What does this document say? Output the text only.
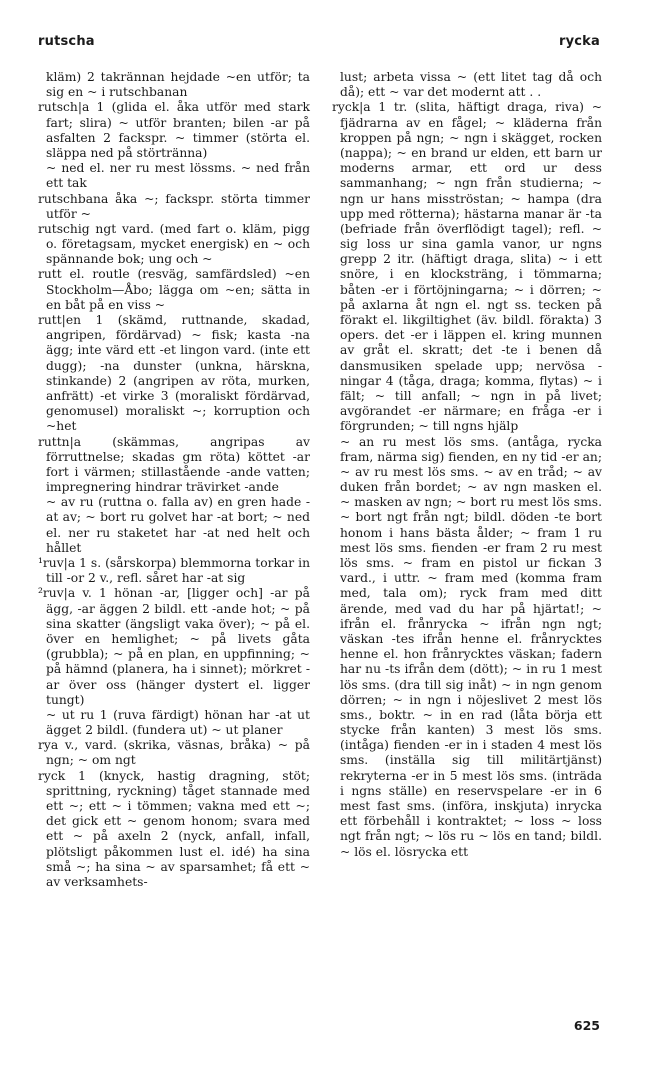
rutscha	rycka

kläm) 2 takrännan hejdade ~en utför; ta sig en ~ i rutschbanan

rutsch|a 1 (glida el. åka utför med stark fart; slira) ~ utför branten; bilen -ar på asfalten 2 fackspr. ~ timmer (störta el. släppa ned på störtränna)

~ ned el. ner ru mest lössms. ~ ned från ett tak

rutschbana åka ~; fackspr. störta timmer utför ~

rutschig ngt vard. (med fart o. kläm, pigg o. företagsam, mycket energisk) en ~ och spännande bok; ung och ~

rutt el. routle (resväg, samfärdsled) ~en Stockholm—Åbo; lägga om ~en; sätta in en båt på en viss ~

rutt|en 1 (skämd, ruttnande, skadad, angripen, fördärvad) ~ fisk; kasta -na ägg; inte värd ett -et lingon vard. (inte ett dugg); -na dunster (unkna, härskna, stinkande) 2 (angripen av röta, murken, anfrätt) -et virke 3 (moraliskt fördärvad, genomusel) moraliskt ~; korruption och ~het

ruttn|a (skämmas, angripas av förruttnelse; skadas gm röta) köttet -ar fort i värmen; stillastående -ande vatten; impregnering hindrar trävirket -ande

~ av ru (ruttna o. falla av) en gren hade -at av; ~ bort ru golvet har -at bort; ~ ned el. ner ru staketet har -at ned helt och hållet

¹ruv|a 1 s. (sårskorpa) blemmorna torkar in till -or 2 v., refl. såret har -at sig

²ruv|a v. 1 hönan -ar, [ligger och] -ar på ägg, -ar äggen 2 bildl. ett -ande hot; ~ på sina skatter (ängsligt vaka över); ~ på el. över en hemlighet; ~ på livets gåta (grubbla); ~ på en plan, en uppfinning; ~ på hämnd (planera, ha i sinnet); mörkret -ar över oss (hänger dystert el. ligger tungt)

~ ut ru 1 (ruva färdigt) hönan har -at ut ägget 2 bildl. (fundera ut) ~ ut planer

rya v., vard. (skrika, väsnas, bråka) ~ på ngn; ~ om ngt

ryck 1 (knyck, hastig dragning, stöt; sprittning, ryckning) tåget stannade med ett ~; ett ~ i tömmen; vakna med ett ~; det gick ett ~ genom honom; svara med ett ~ på axeln 2 (nyck, anfall, infall, plötsligt påkommen lust el. idé) ha sina små ~; ha sina ~ av sparsamhet; få ett ~ av verksamhets-

lust; arbeta vissa ~ (ett litet tag då och då); ett ~ var det modernt att . .

ryck|a 1 tr. (slita, häftigt draga, riva) ~ fjädrarna av en fågel; ~ kläderna från kroppen på ngn; ~ ngn i skägget, rocken (nappa); ~ en brand ur elden, ett barn ur moderns armar, ett ord ur dess sammanhang; ~ ngn från studierna; ~ ngn ur hans misströstan; ~ hampa (dra upp med rötterna); hästarna manar är -ta (befriade från överflödigt tagel); refl. ~ sig loss ur sina gamla vanor, ur ngns grepp 2 itr. (häftigt draga, slita) ~ i ett snöre, i en klocksträng, i tömmarna; båten -er i förtöjningarna; ~ i dörren; ~ på axlarna åt ngn el. ngt ss. tecken på förakt el. likgiltighet (äv. bildl. förakta) 3 opers. det -er i läppen el. kring munnen av gråt el. skratt; det -te i benen då dansmusiken spelade upp; nervösa -ningar 4 (tåga, draga; komma, flytas) ~ i fält; ~ till anfall; ~ ngn in på livet; avgörandet -er närmare; en fråga -er i förgrunden; ~ till ngns hjälp

~ an ru mest lös sms. (antåga, rycka fram, närma sig) fienden, en ny tid -er an; ~ av ru mest lös sms. ~ av en tråd; ~ av duken från bordet; ~ av ngn masken el. ~ masken av ngn; ~ bort ru mest lös sms. ~ bort ngt från ngt; bildl. döden -te bort honom i hans bästa ålder; ~ fram 1 ru mest lös sms. fienden -er fram 2 ru mest lös sms. ~ fram en pistol ur fickan 3 vard., i uttr. ~ fram med (komma fram med, tala om); ryck fram med ditt ärende, med vad du har på hjärtat!; ~ ifrån el. frånrycka ~ ifrån ngn ngt; väskan -tes ifrån henne el. frånrycktes henne el. hon frånrycktes väskan; fadern har nu -ts ifrån dem (dött); ~ in ru 1 mest lös sms. (dra till sig inåt) ~ in ngn genom dörren; ~ in ngn i nöjeslivet 2 mest lös sms., boktr. ~ in en rad (låta börja ett stycke från kanten) 3 mest lös sms. (intåga) fienden -er in i staden 4 mest lös sms. (inställa sig till militärtjänst) rekryterna -er in 5 mest lös sms. (inträda i ngns ställe) en reservspelare -er in 6 mest fast sms. (införa, inskjuta) inrycka ett förbehåll i kontraktet; ~ loss ~ loss ngt från ngt; ~ lös ru ~ lös en tand; bildl. ~ lös el. lösrycka ett

625
